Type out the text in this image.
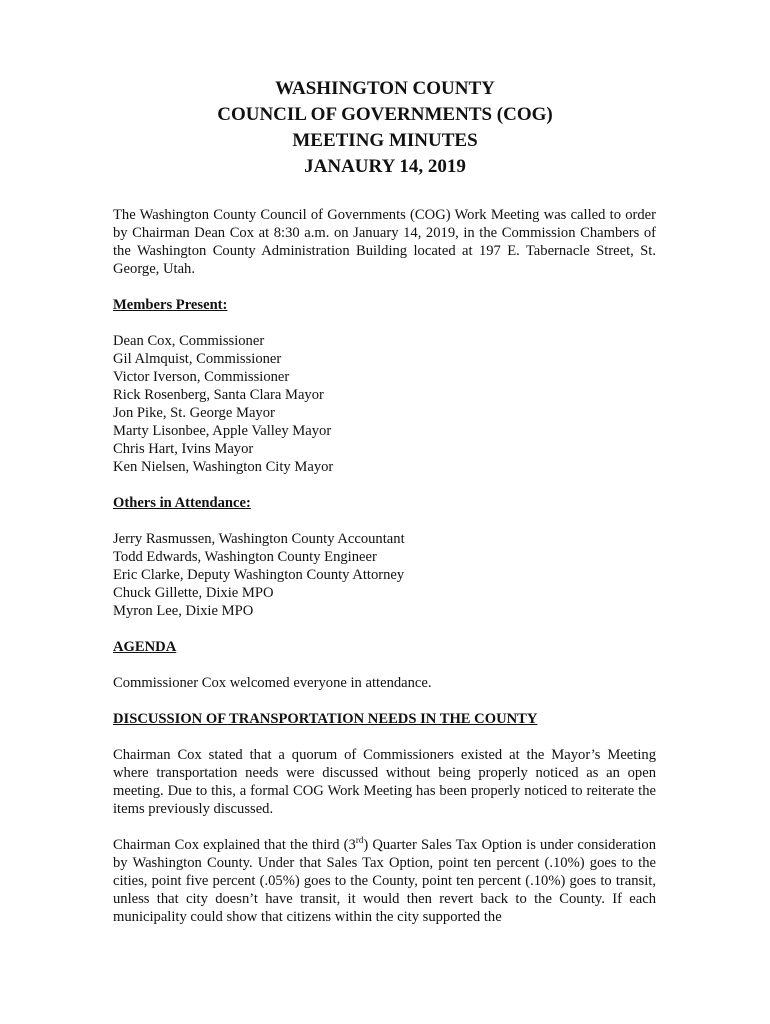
WASHINGTON COUNTY
COUNCIL OF GOVERNMENTS (COG)
MEETING MINUTES
JANAURY 14, 2019

The Washington County Council of Governments (COG) Work Meeting was called to order by Chairman Dean Cox at 8:30 a.m. on January 14, 2019, in the Commission Chambers of the Washington County Administration Building located at 197 E. Tabernacle Street, St. George, Utah.

Members Present:

Dean Cox, Commissioner
Gil Almquist, Commissioner
Victor Iverson, Commissioner
Rick Rosenberg, Santa Clara Mayor
Jon Pike, St. George Mayor
Marty Lisonbee, Apple Valley Mayor
Chris Hart, Ivins Mayor
Ken Nielsen, Washington City Mayor

Others in Attendance:

Jerry Rasmussen, Washington County Accountant
Todd Edwards, Washington County Engineer
Eric Clarke, Deputy Washington County Attorney
Chuck Gillette, Dixie MPO
Myron Lee, Dixie MPO

AGENDA

Commissioner Cox welcomed everyone in attendance.

DISCUSSION OF TRANSPORTATION NEEDS IN THE COUNTY

Chairman Cox stated that a quorum of Commissioners existed at the Mayor’s Meeting where transportation needs were discussed without being properly noticed as an open meeting. Due to this, a formal COG Work Meeting has been properly noticed to reiterate the items previously discussed.

Chairman Cox explained that the third (3rd) Quarter Sales Tax Option is under consideration by Washington County. Under that Sales Tax Option, point ten percent (.10%) goes to the cities, point five percent (.05%) goes to the County, point ten percent (.10%) goes to transit, unless that city doesn’t have transit, it would then revert back to the County. If each municipality could show that citizens within the city supported the
